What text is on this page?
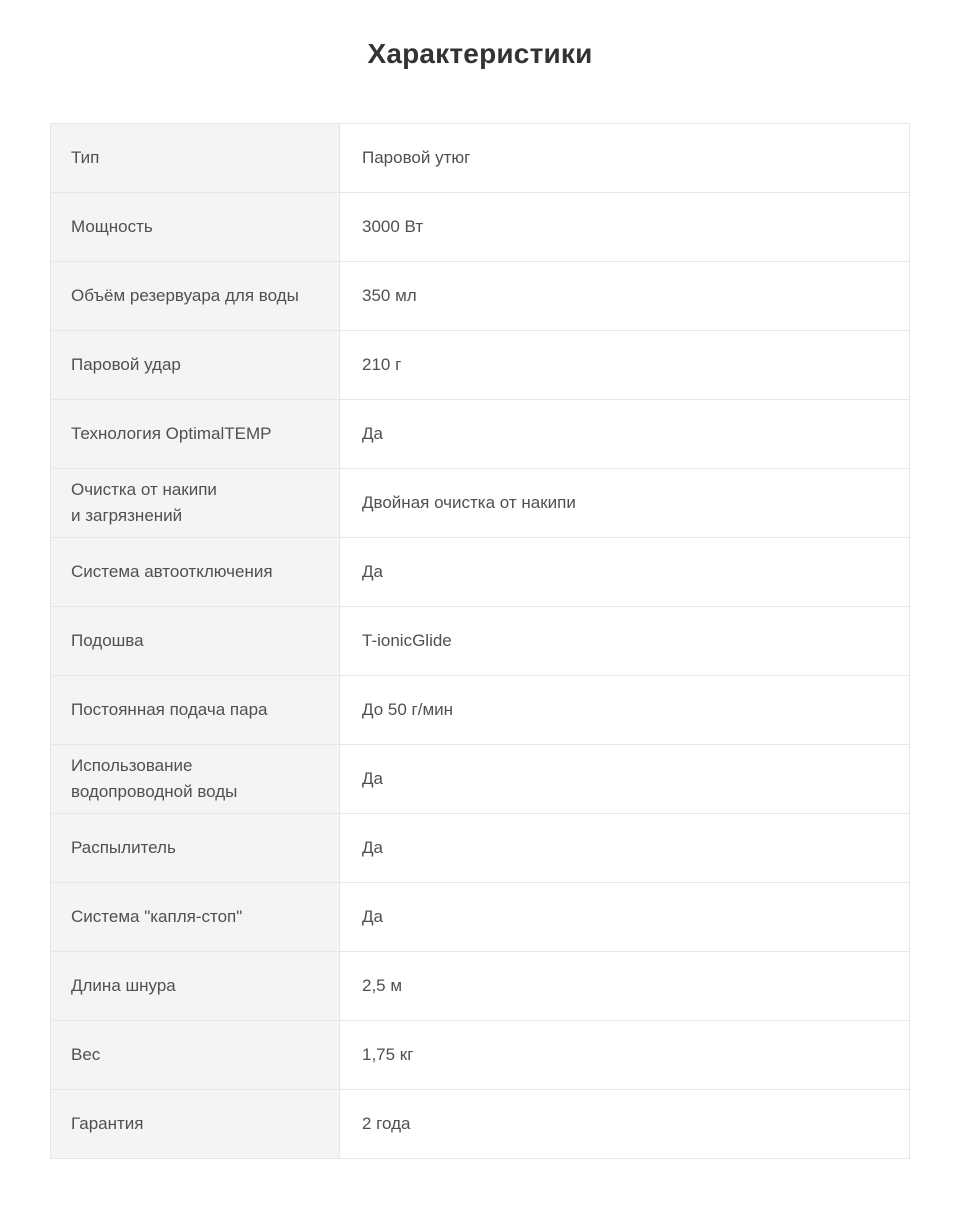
Характеристики
Тип	Паровой утюг

Мощность	3000 Вт

Объём резервуара для воды	350 мл

Паровой удар	210 г

Технология OptimalTEMP	Да

Очистка от накипи
и загрязнений	Двойная очистка от накипи

Система автоотключения	Да

Подошва	T-ionicGlide

Постоянная подача пара	До 50 г/мин

Использование
водопроводной воды	Да

Распылитель	Да

Система "капля-стоп"	Да

Длина шнура	2,5 м

Вес	1,75 кг

Гарантия	2 года
